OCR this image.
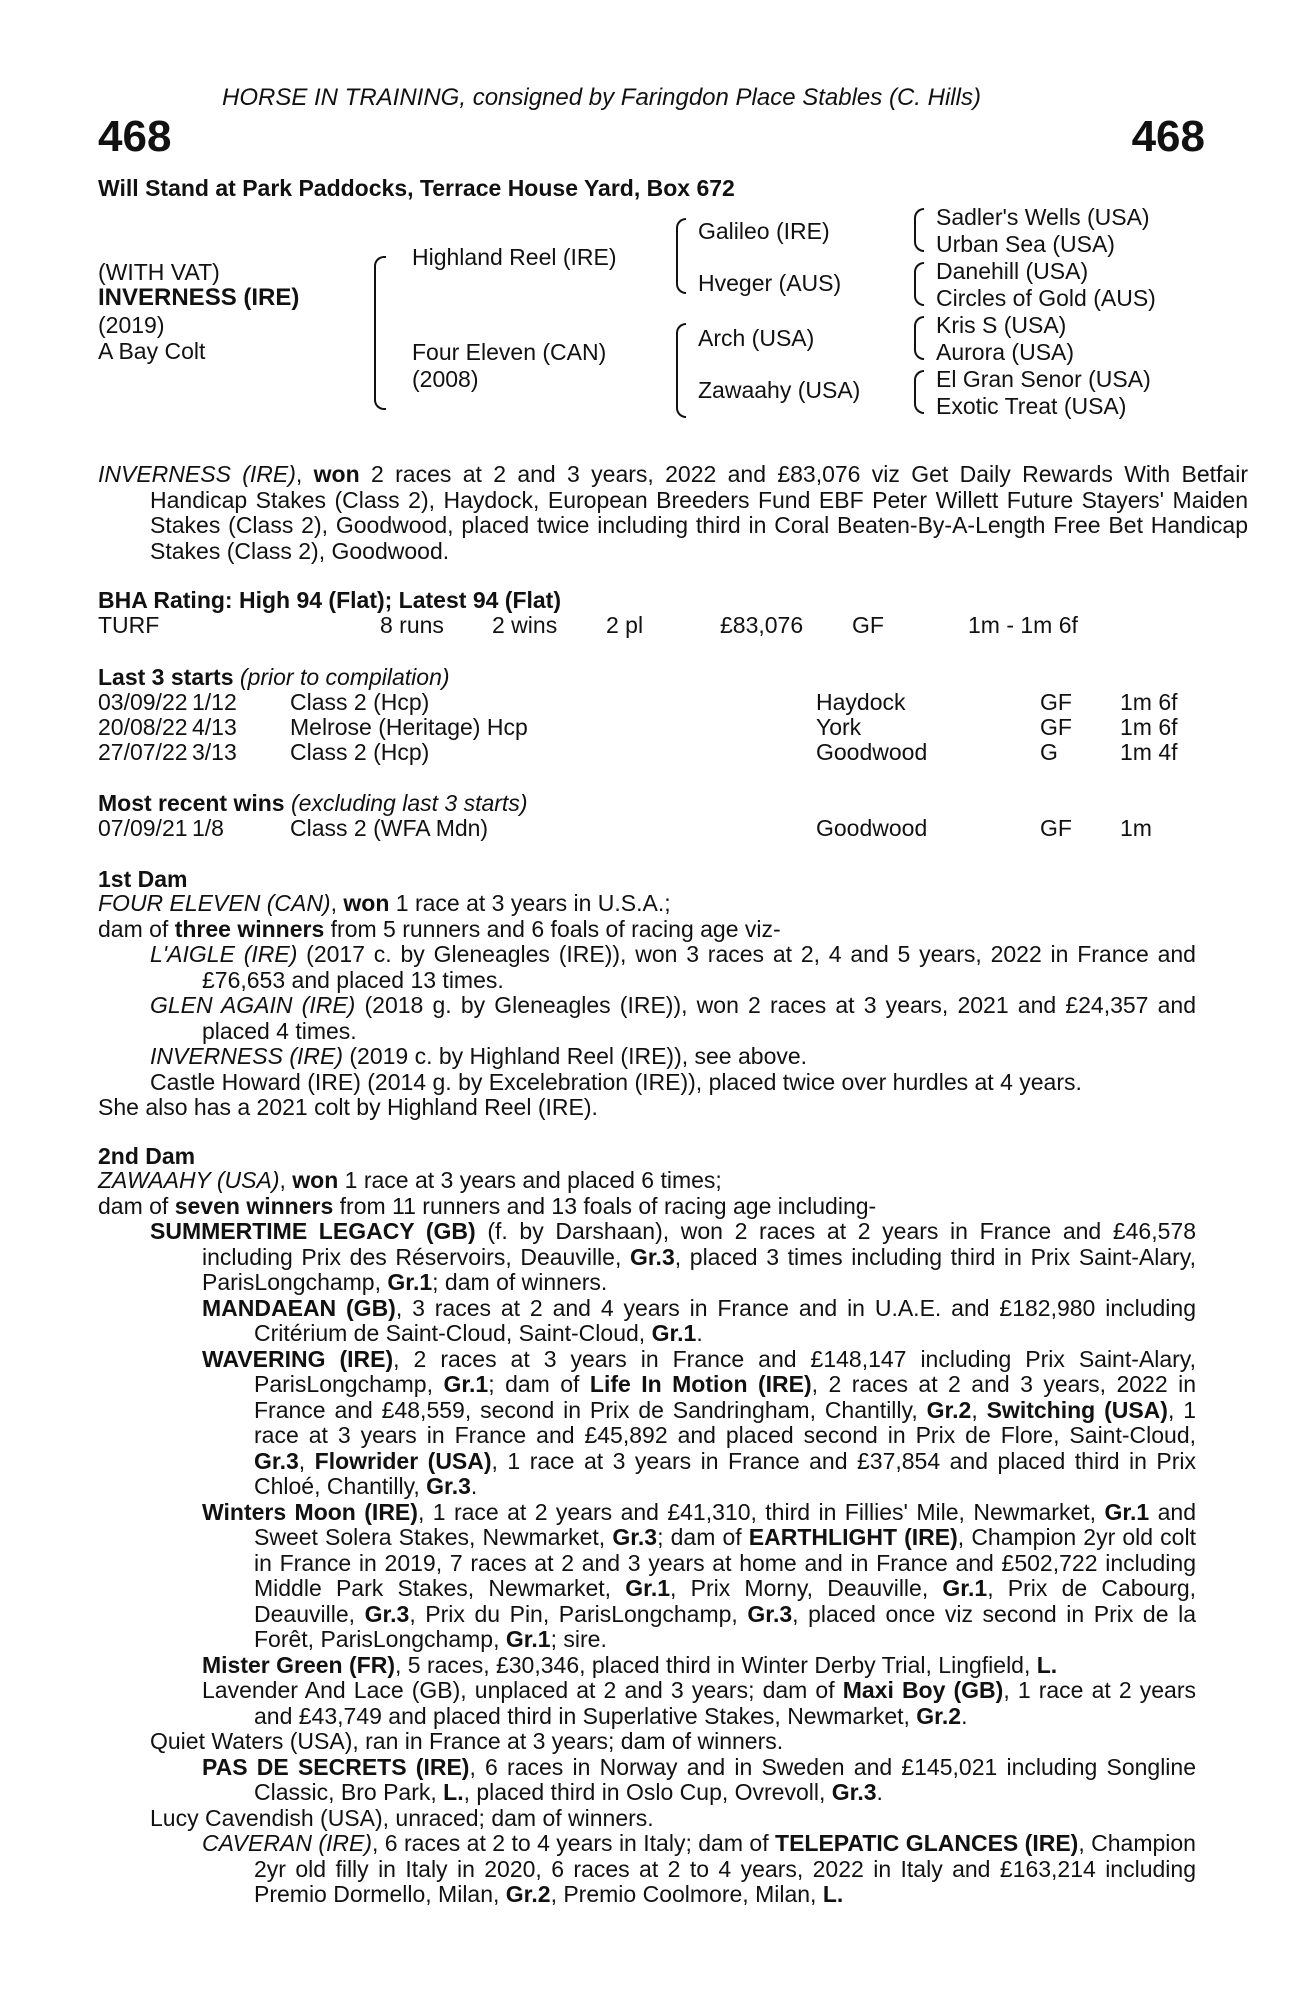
HORSE IN TRAINING, consigned by Faringdon Place Stables (C. Hills)
468	468
Will Stand at Park Paddocks, Terrace House Yard, Box 672
(WITH VAT)
INVERNESS (IRE)
(2019)
A Bay Colt
Highland Reel (IRE)
Four Eleven (CAN)
(2008)
Galileo (IRE)
Hveger (AUS)
Arch (USA)
Zawaahy (USA)
Sadler's Wells (USA)
Urban Sea (USA)
Danehill (USA)
Circles of Gold (AUS)
Kris S (USA)
Aurora (USA)
El Gran Senor (USA)
Exotic Treat (USA)

INVERNESS (IRE), won 2 races at 2 and 3 years, 2022 and £83,076 viz Get Daily Rewards With Betfair Handicap Stakes (Class 2), Haydock, European Breeders Fund EBF Peter Willett Future Stayers' Maiden Stakes (Class 2), Goodwood, placed twice including third in Coral Beaten-By-A-Length Free Bet Handicap Stakes (Class 2), Goodwood.

BHA Rating: High 94 (Flat); Latest 94 (Flat)
TURF	8 runs 2 wins 2 pl	£83,076 GF	1m - 1m 6f
Last 3 starts (prior to compilation)
03/09/22 1/12 Class 2 (Hcp)	Haydock	GF 1m 6f
20/08/22 4/13 Melrose (Heritage) Hcp	York	GF 1m 6f
27/07/22 3/13 Class 2 (Hcp)	Goodwood	G	1m 4f
Most recent wins (excluding last 3 starts)
07/09/21 1/8	Class 2 (WFA Mdn)	Goodwood	GF 1m
1st Dam

FOUR ELEVEN (CAN), won 1 race at 3 years in U.S.A.;

dam of three winners from 5 runners and 6 foals of racing age viz-

L'AIGLE (IRE) (2017 c. by Gleneagles (IRE)), won 3 races at 2, 4 and 5 years, 2022 in France and £76,653 and placed 13 times.

GLEN AGAIN (IRE) (2018 g. by Gleneagles (IRE)), won 2 races at 3 years, 2021 and £24,357 and placed 4 times.

INVERNESS (IRE) (2019 c. by Highland Reel (IRE)), see above.

Castle Howard (IRE) (2014 g. by Excelebration (IRE)), placed twice over hurdles at 4 years.

She also has a 2021 colt by Highland Reel (IRE).

2nd Dam

ZAWAAHY (USA), won 1 race at 3 years and placed 6 times;

dam of seven winners from 11 runners and 13 foals of racing age including-

SUMMERTIME LEGACY (GB) (f. by Darshaan), won 2 races at 2 years in France and £46,578 including Prix des Réservoirs, Deauville, Gr.3, placed 3 times including third in Prix Saint-Alary, ParisLongchamp, Gr.1; dam of winners.

MANDAEAN (GB), 3 races at 2 and 4 years in France and in U.A.E. and £182,980 including Critérium de Saint-Cloud, Saint-Cloud, Gr.1.

WAVERING (IRE), 2 races at 3 years in France and £148,147 including Prix Saint-Alary, ParisLongchamp, Gr.1; dam of Life In Motion (IRE), 2 races at 2 and 3 years, 2022 in France and £48,559, second in Prix de Sandringham, Chantilly, Gr.2, Switching (USA), 1 race at 3 years in France and £45,892 and placed second in Prix de Flore, Saint-Cloud, Gr.3, Flowrider (USA), 1 race at 3 years in France and £37,854 and placed third in Prix Chloé, Chantilly, Gr.3.

Winters Moon (IRE), 1 race at 2 years and £41,310, third in Fillies' Mile, Newmarket, Gr.1 and Sweet Solera Stakes, Newmarket, Gr.3; dam of EARTHLIGHT (IRE), Champion 2yr old colt in France in 2019, 7 races at 2 and 3 years at home and in France and £502,722 including Middle Park Stakes, Newmarket, Gr.1, Prix Morny, Deauville, Gr.1, Prix de Cabourg, Deauville, Gr.3, Prix du Pin, ParisLongchamp, Gr.3, placed once viz second in Prix de la Forêt, ParisLongchamp, Gr.1; sire.

Mister Green (FR), 5 races, £30,346, placed third in Winter Derby Trial, Lingfield, L.

Lavender And Lace (GB), unplaced at 2 and 3 years; dam of Maxi Boy (GB), 1 race at 2 years and £43,749 and placed third in Superlative Stakes, Newmarket, Gr.2.

Quiet Waters (USA), ran in France at 3 years; dam of winners.

PAS DE SECRETS (IRE), 6 races in Norway and in Sweden and £145,021 including Songline Classic, Bro Park, L., placed third in Oslo Cup, Ovrevoll, Gr.3.

Lucy Cavendish (USA), unraced; dam of winners.

CAVERAN (IRE), 6 races at 2 to 4 years in Italy; dam of TELEPATIC GLANCES (IRE), Champion 2yr old filly in Italy in 2020, 6 races at 2 to 4 years, 2022 in Italy and £163,214 including Premio Dormello, Milan, Gr.2, Premio Coolmore, Milan, L.
